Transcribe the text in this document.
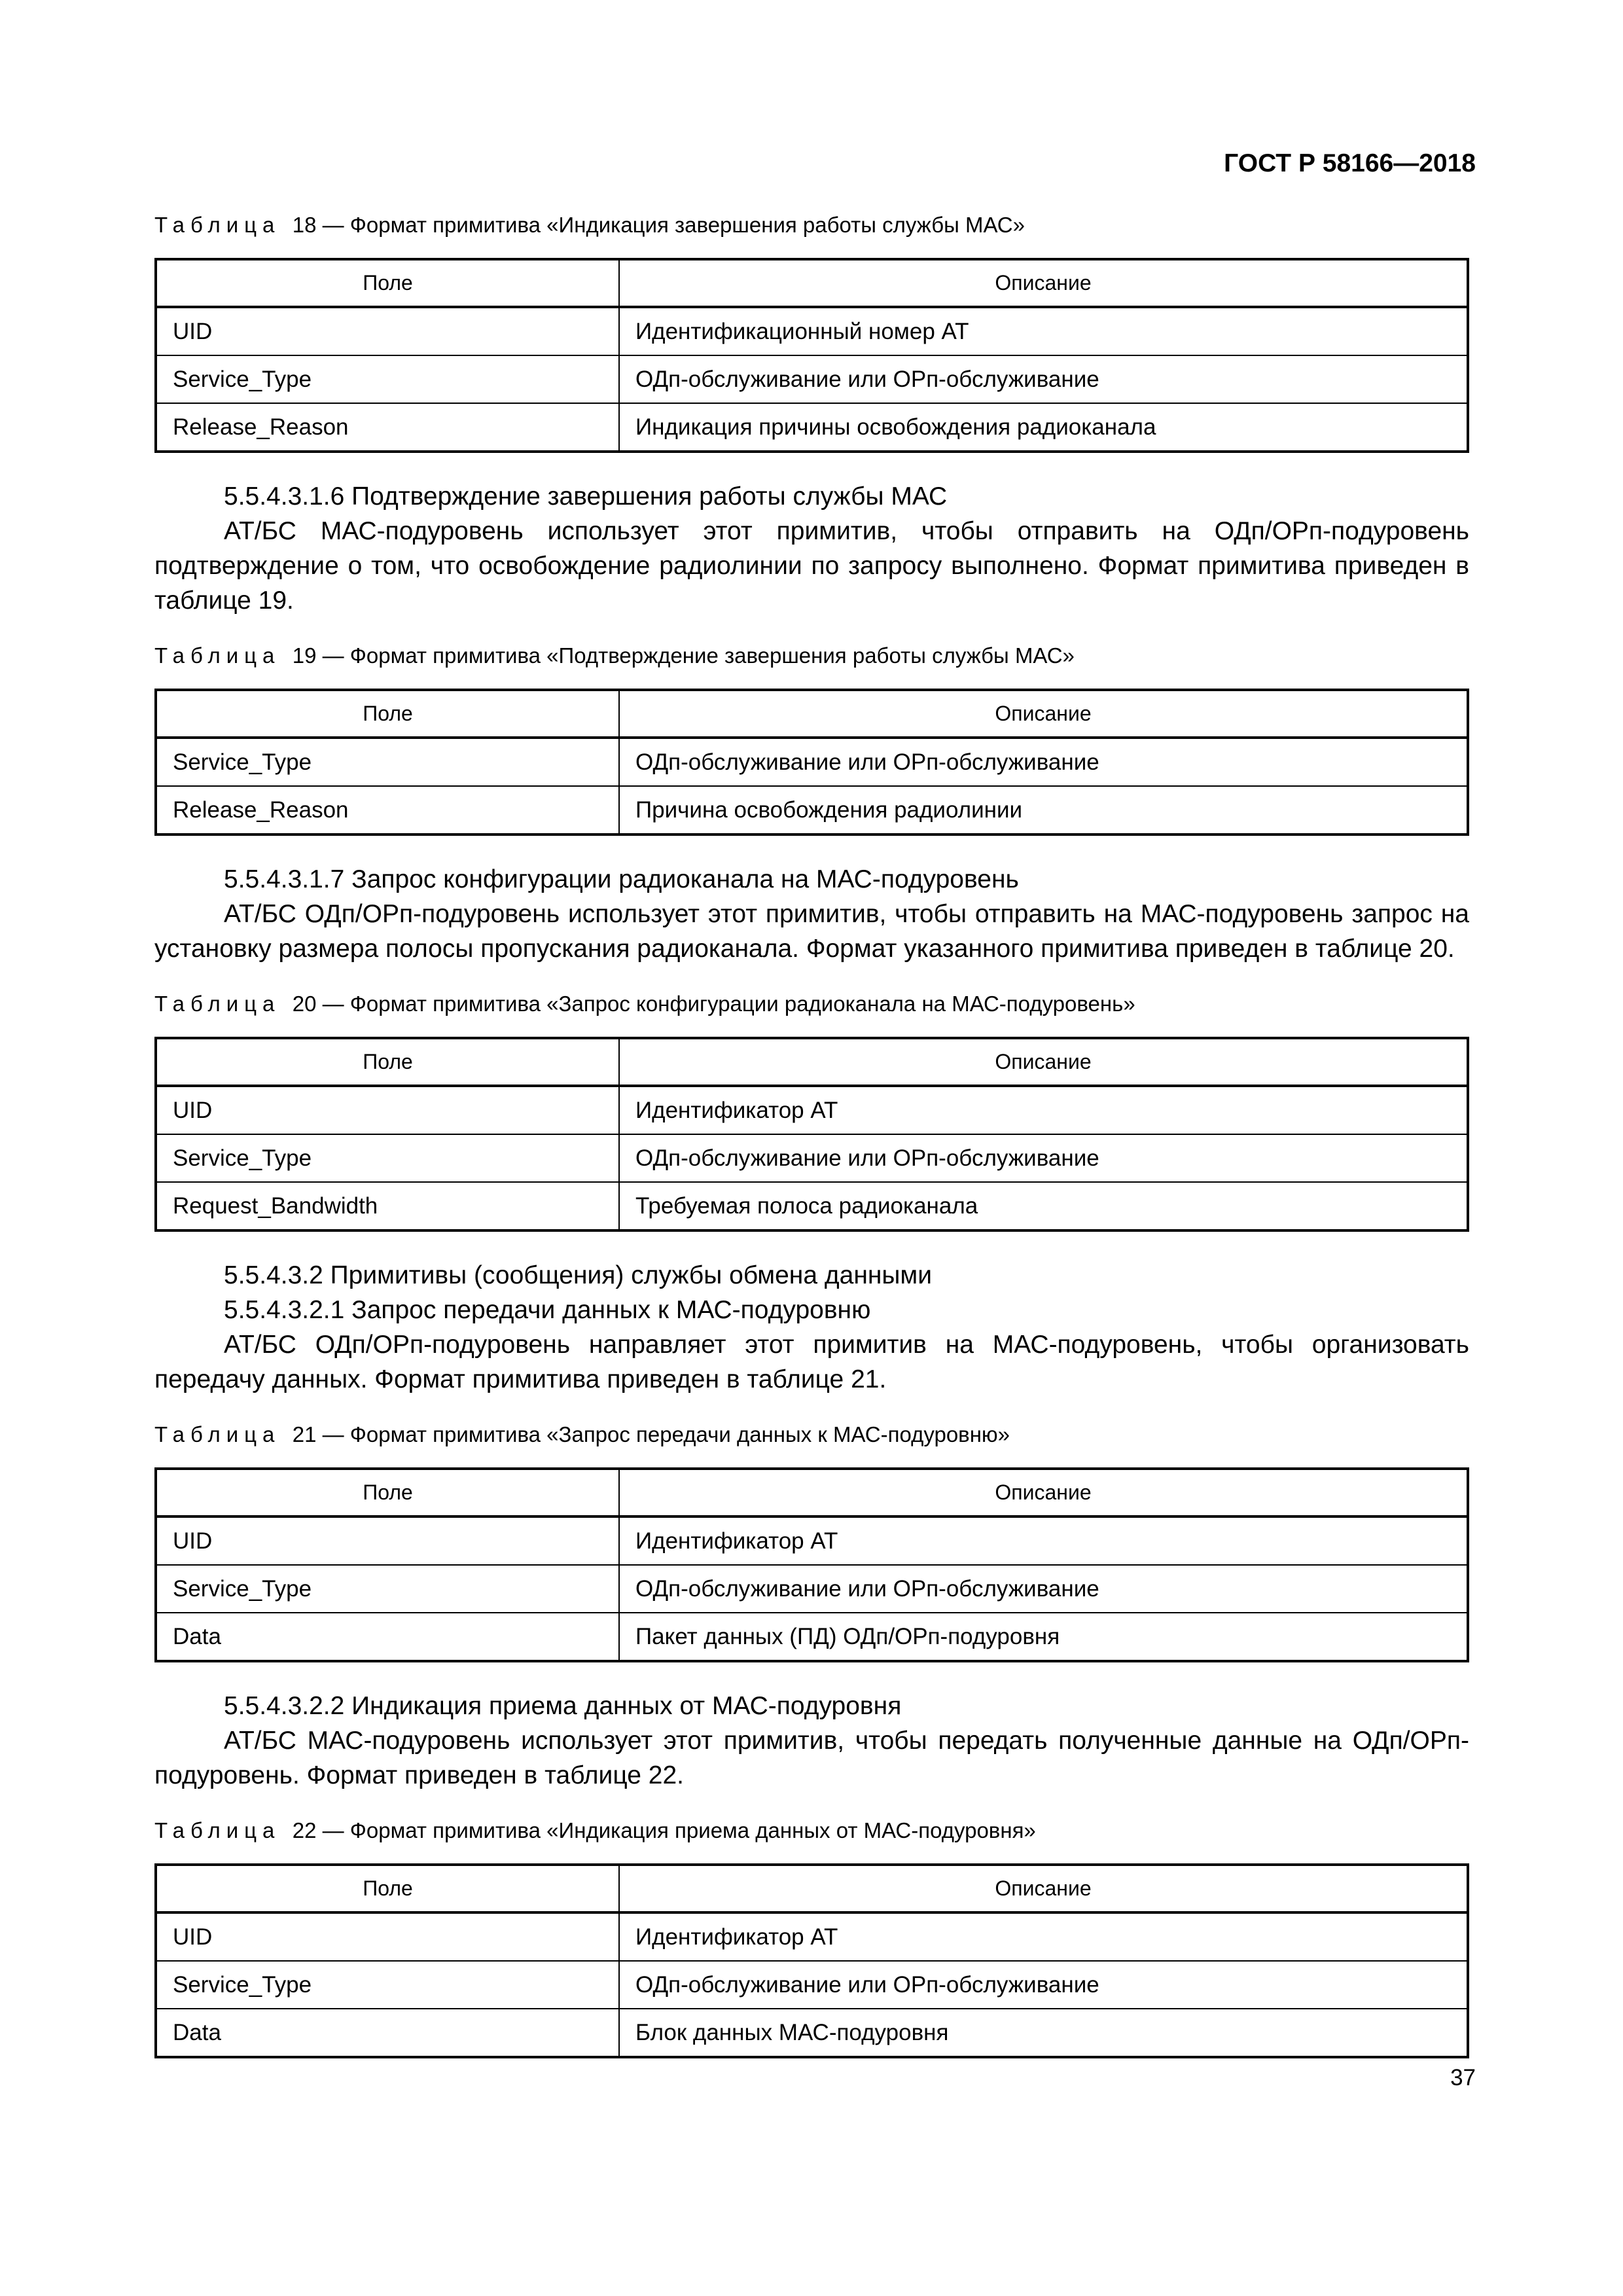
ГОСТ Р 58166—2018
Таблица 18 — Формат примитива «Индикация завершения работы службы МАС»
Поле	Описание
UID	Идентификационный номер АТ
Service_Type	ОДп-обслуживание или ОРп-обслуживание
Release_Reason	Индикация причины освобождения радиоканала
5.5.4.3.1.6 Подтверждение завершения работы службы МАС
АТ/БС МАС-подуровень использует этот примитив, чтобы отправить на ОДп/ОРп-подуровень подтверждение о том, что освобождение радиолинии по запросу выполнено. Формат примитива приведен в таблице 19.
Таблица 19 — Формат примитива «Подтверждение завершения работы службы МАС»
Поле	Описание
Service_Type	ОДп-обслуживание или ОРп-обслуживание
Release_Reason	Причина освобождения радиолинии
5.5.4.3.1.7 Запрос конфигурации радиоканала на МАС-подуровень
АТ/БС ОДп/ОРп-подуровень использует этот примитив, чтобы отправить на МАС-подуровень запрос на установку размера полосы пропускания радиоканала. Формат указанного примитива приведен в таблице 20.
Таблица 20 — Формат примитива «Запрос конфигурации радиоканала на МАС-подуровень»
Поле	Описание
UID	Идентификатор АТ
Service_Type	ОДп-обслуживание или ОРп-обслуживание
Request_Bandwidth	Требуемая полоса радиоканала
5.5.4.3.2 Примитивы (сообщения) службы обмена данными
5.5.4.3.2.1 Запрос передачи данных к МАС-подуровню
АТ/БС ОДп/ОРп-подуровень направляет этот примитив на МАС-подуровень, чтобы организовать передачу данных. Формат примитива приведен в таблице 21.
Таблица 21 — Формат примитива «Запрос передачи данных к МАС-подуровню»
Поле	Описание
UID	Идентификатор АТ
Service_Type	ОДп-обслуживание или ОРп-обслуживание
Data	Пакет данных (ПД) ОДп/ОРп-подуровня
5.5.4.3.2.2 Индикация приема данных от МАС-подуровня
АТ/БС МАС-подуровень использует этот примитив, чтобы передать полученные данные на ОДп/ОРп-подуровень. Формат приведен в таблице 22.
Таблица 22 — Формат примитива «Индикация приема данных от МАС-подуровня»
Поле	Описание
UID	Идентификатор АТ
Service_Type	ОДп-обслуживание или ОРп-обслуживание
Data	Блок данных МАС-подуровня
37
